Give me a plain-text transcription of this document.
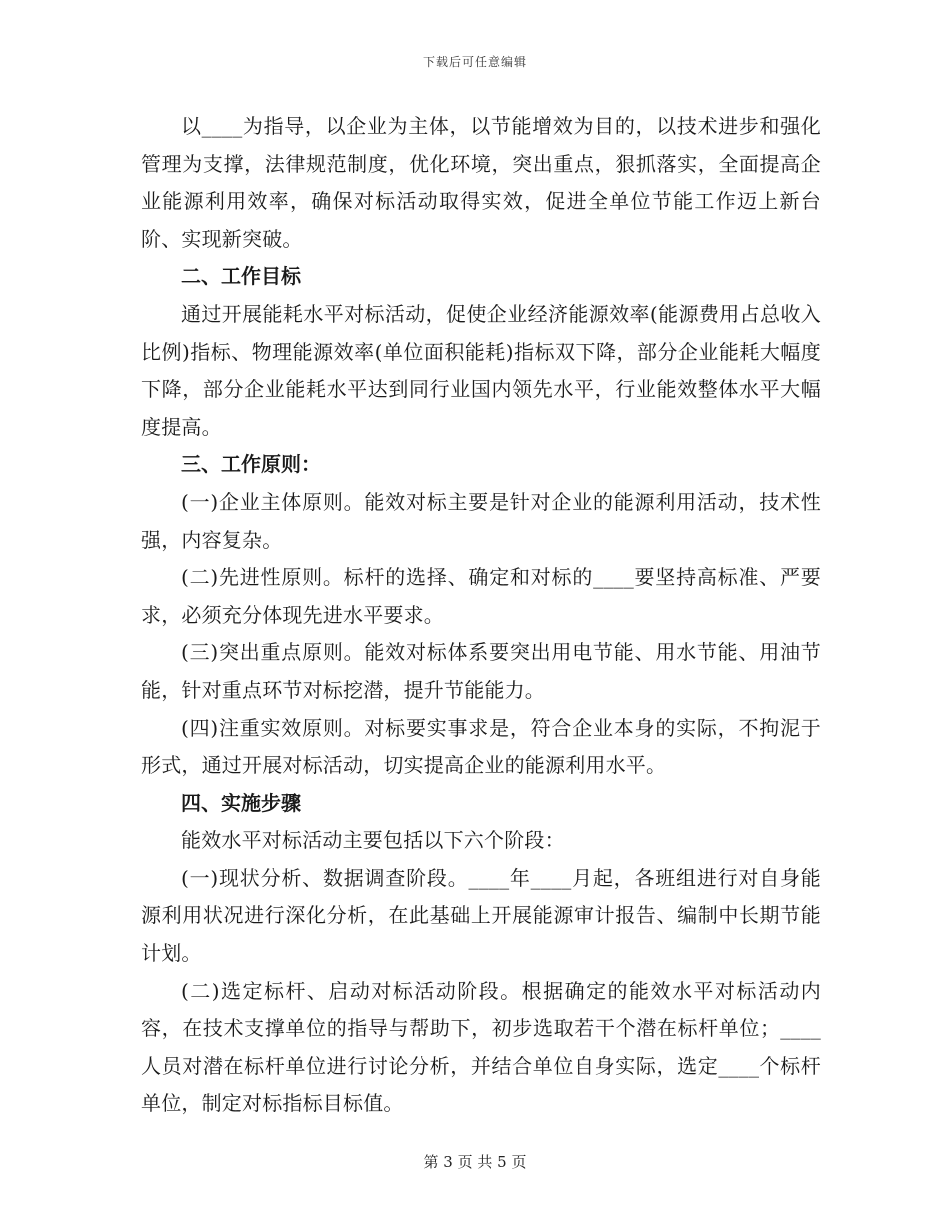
下载后可任意编辑

以____为指导，以企业为主体，以节能增效为目的，以技术进步和强化管理为支撑，法律规范制度，优化环境，突出重点，狠抓落实，全面提高企业能源利用效率，确保对标活动取得实效，促进全单位节能工作迈上新台阶、实现新突破。

二、工作目标

通过开展能耗水平对标活动，促使企业经济能源效率(能源费用占总收入比例)指标、物理能源效率(单位面积能耗)指标双下降，部分企业能耗大幅度下降，部分企业能耗水平达到同行业国内领先水平，行业能效整体水平大幅度提高。

三、工作原则：

(一)企业主体原则。能效对标主要是针对企业的能源利用活动，技术性强，内容复杂。

(二)先进性原则。标杆的选择、确定和对标的____要坚持高标准、严要求，必须充分体现先进水平要求。

(三)突出重点原则。能效对标体系要突出用电节能、用水节能、用油节能，针对重点环节对标挖潜，提升节能能力。

(四)注重实效原则。对标要实事求是，符合企业本身的实际，不拘泥于形式，通过开展对标活动，切实提高企业的能源利用水平。

四、实施步骤

能效水平对标活动主要包括以下六个阶段：

(一)现状分析、数据调查阶段。____年____月起，各班组进行对自身能源利用状况进行深化分析，在此基础上开展能源审计报告、编制中长期节能计划。

(二)选定标杆、启动对标活动阶段。根据确定的能效水平对标活动内容，在技术支撑单位的指导与帮助下，初步选取若干个潜在标杆单位；____人员对潜在标杆单位进行讨论分析，并结合单位自身实际，选定____个标杆单位，制定对标指标目标值。

第 3 页 共 5 页
